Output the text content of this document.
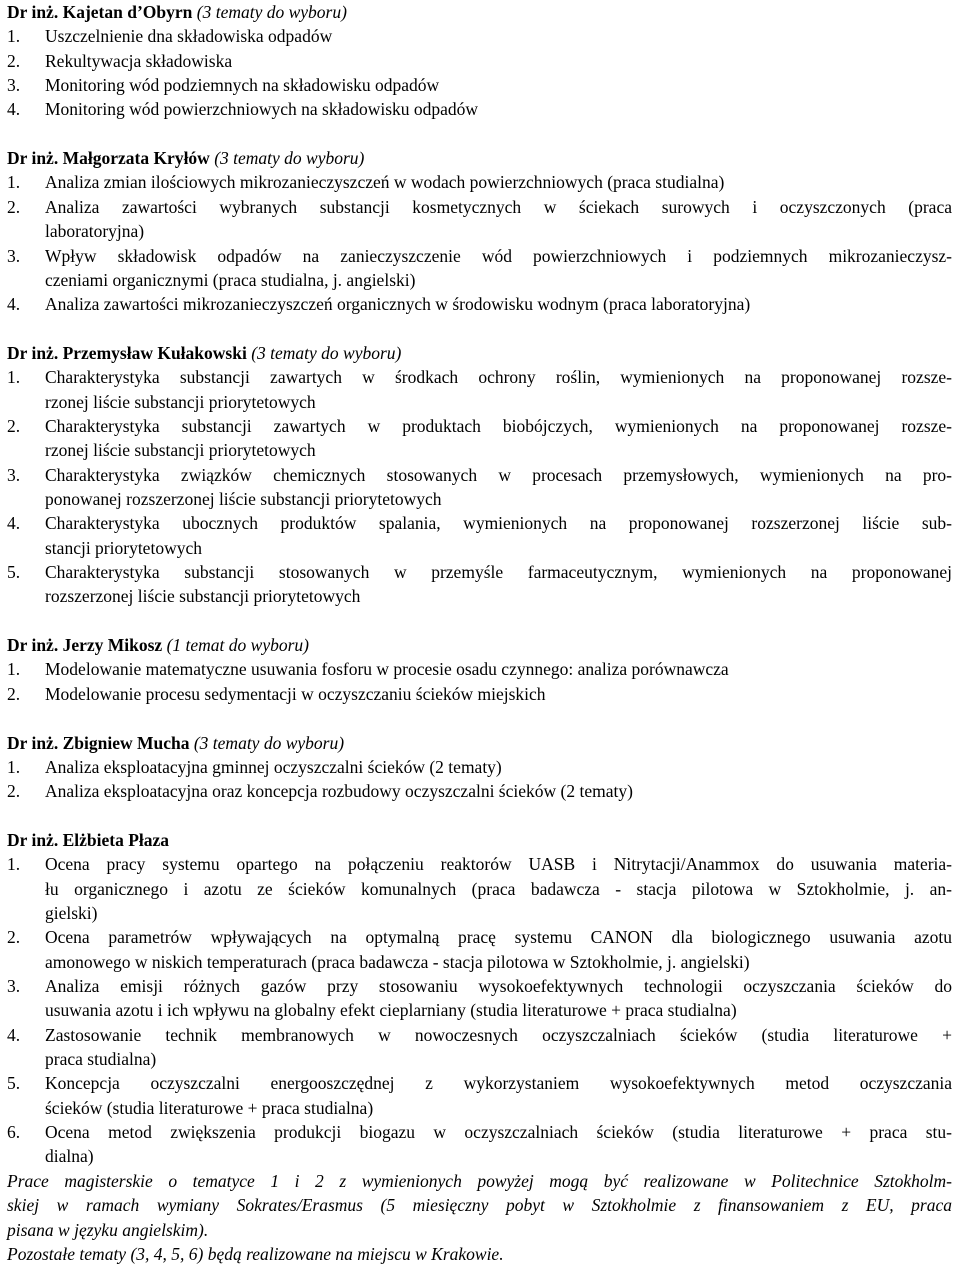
Dr inż. Kajetan d’Obyrn (3 tematy do wyboru)
1. Uszczelnienie dna składowiska odpadów
2. Rekultywacja składowiska
3. Monitoring wód podziemnych na składowisku odpadów
4. Monitoring wód powierzchniowych na składowisku odpadów
Dr inż. Małgorzata Kryłów (3 tematy do wyboru)
1. Analiza zmian ilościowych mikrozanieczyszczeń w wodach powierzchniowych (praca studialna)
2. Analiza zawartości wybranych substancji kosmetycznych w ściekach surowych i oczyszczonych (praca
laboratoryjna)
3. Wpływ składowisk odpadów na zanieczyszczenie wód powierzchniowych i podziemnych mikrozanieczysz-
czeniami organicznymi (praca studialna, j. angielski)
4. Analiza zawartości mikrozanieczyszczeń organicznych w środowisku wodnym (praca laboratoryjna)
Dr inż. Przemysław Kułakowski (3 tematy do wyboru)
1. Charakterystyka substancji zawartych w środkach ochrony roślin, wymienionych na proponowanej rozsze-
rzonej liście substancji priorytetowych
2. Charakterystyka substancji zawartych w produktach biobójczych, wymienionych na proponowanej rozsze-
rzonej liście substancji priorytetowych
3. Charakterystyka związków chemicznych stosowanych w procesach przemysłowych, wymienionych na pro-
ponowanej rozszerzonej liście substancji priorytetowych
4. Charakterystyka ubocznych produktów spalania, wymienionych na proponowanej rozszerzonej liście sub-
stancji priorytetowych
5. Charakterystyka substancji stosowanych w przemyśle farmaceutycznym, wymienionych na proponowanej
rozszerzonej liście substancji priorytetowych
Dr inż. Jerzy Mikosz (1 temat do wyboru)
1. Modelowanie matematyczne usuwania fosforu w procesie osadu czynnego: analiza porównawcza
2. Modelowanie procesu sedymentacji w oczyszczaniu ścieków miejskich
Dr inż. Zbigniew Mucha (3 tematy do wyboru)
1. Analiza eksploatacyjna gminnej oczyszczalni ścieków (2 tematy)
2. Analiza eksploatacyjna oraz koncepcja rozbudowy oczyszczalni ścieków (2 tematy)
Dr inż. Elżbieta Płaza
1. Ocena pracy systemu opartego na połączeniu reaktorów UASB i Nitrytacji/Anammox do usuwania materia-
łu organicznego i azotu ze ścieków komunalnych (praca badawcza - stacja pilotowa w Sztokholmie, j. an-
gielski)
2. Ocena parametrów wpływających na optymalną pracę systemu CANON dla biologicznego usuwania azotu
amonowego w niskich temperaturach (praca badawcza - stacja pilotowa w Sztokholmie, j. angielski)
3. Analiza emisji różnych gazów przy stosowaniu wysokoefektywnych technologii oczyszczania ścieków do
usuwania azotu i ich wpływu na globalny efekt cieplarniany (studia literaturowe + praca studialna)
4. Zastosowanie technik membranowych w nowoczesnych oczyszczalniach ścieków (studia literaturowe +
praca studialna)
5. Koncepcja oczyszczalni energooszczędnej z wykorzystaniem wysokoefektywnych metod oczyszczania
ścieków (studia literaturowe + praca studialna)
6. Ocena metod zwiększenia produkcji biogazu w oczyszczalniach ścieków (studia literaturowe + praca stu-
dialna)
Prace magisterskie o tematyce 1 i 2 z wymienionych powyżej mogą być realizowane w Politechnice Sztokholm-
skiej w ramach wymiany Sokrates/Erasmus (5 miesięczny pobyt w Sztokholmie z finansowaniem z EU, praca
pisana w języku angielskim).
Pozostałe tematy (3, 4, 5, 6) będą realizowane na miejscu w Krakowie.
